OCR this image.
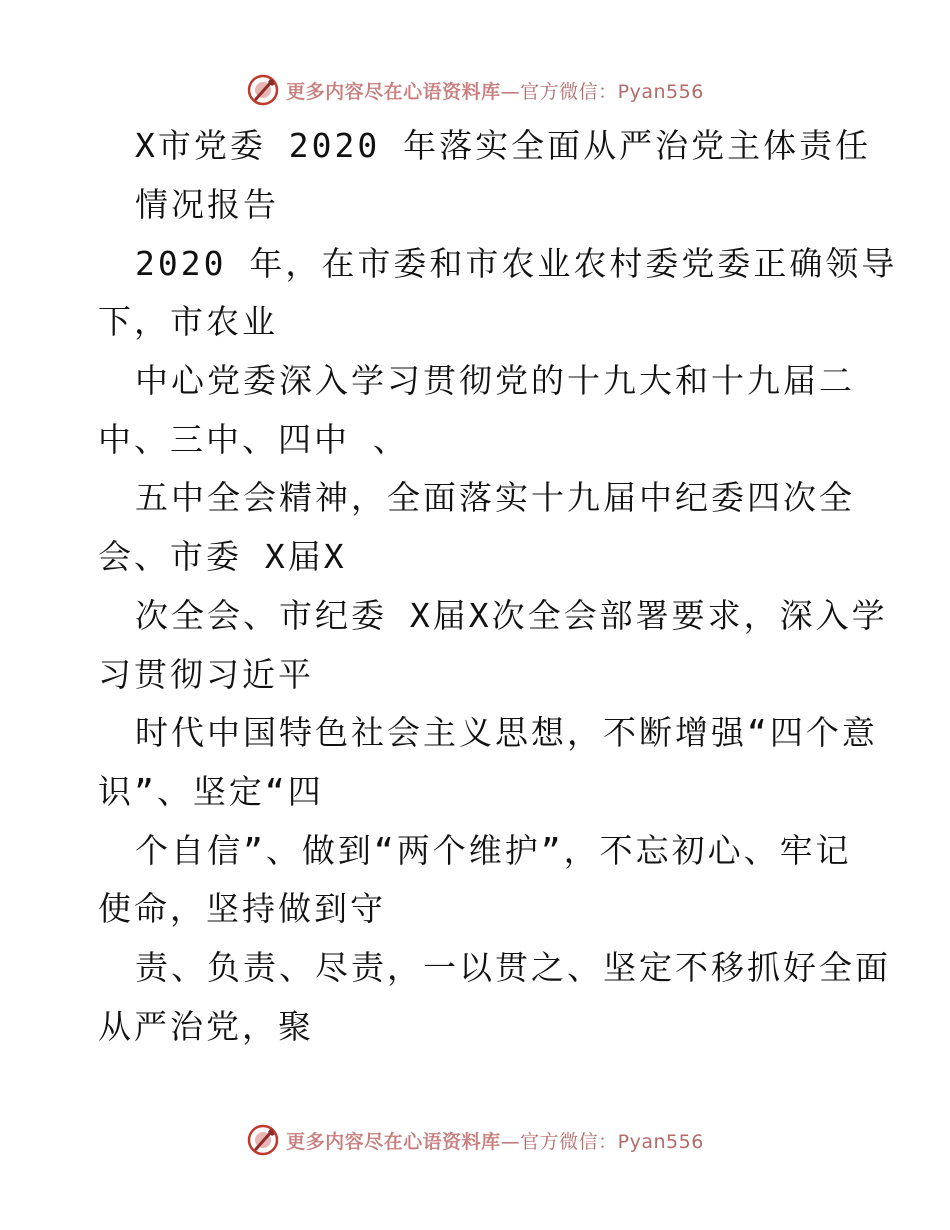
更多内容尽在心语资料库—官方微信：Pyan556
X市党委 2020 年落实全面从严治党主体责任
情况报告
2020 年，在市委和市农业农村委党委正确领导
下，市农业
中心党委深入学习贯彻党的十九大和十九届二
中、三中、四中 、
五中全会精神，全面落实十九届中纪委四次全
会、市委 X届X
次全会、市纪委 X届X次全会部署要求，深入学
习贯彻习近平
时代中国特色社会主义思想，不断增强“四个意
识”、坚定“四
个自信”、做到“两个维护”，不忘初心、牢记
使命，坚持做到守
责、负责、尽责，一以贯之、坚定不移抓好全面
从严治党，聚
更多内容尽在心语资料库—官方微信：Pyan556
